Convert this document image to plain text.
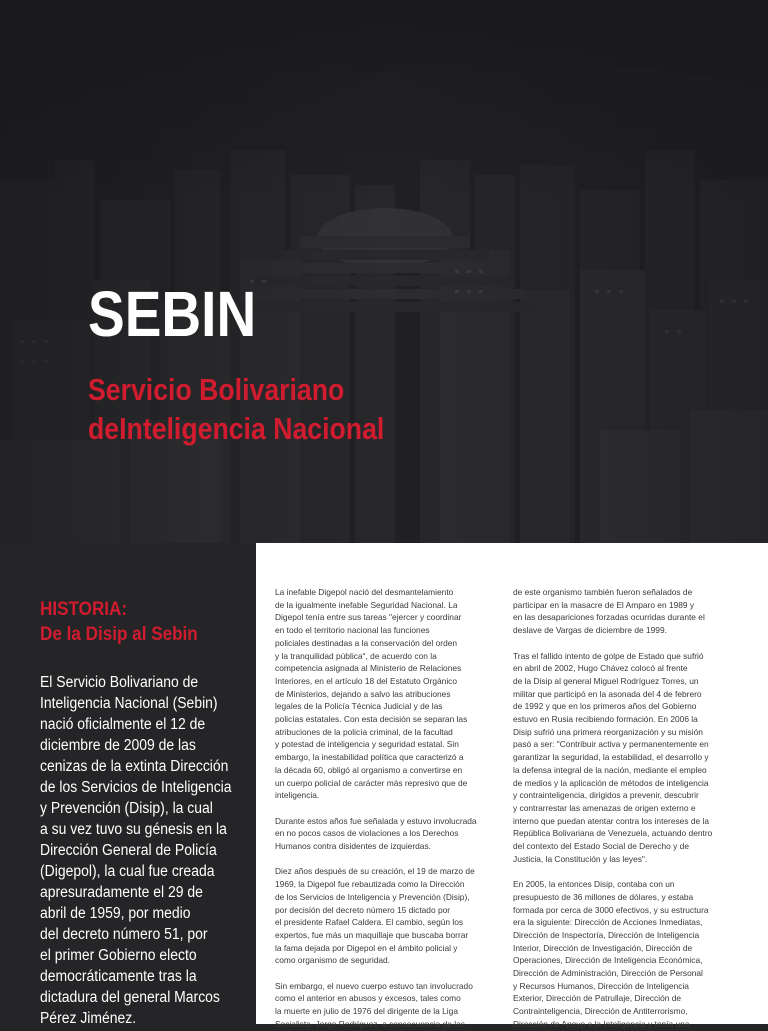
SEBIN
Servicio Bolivariano deInteligencia Nacional
HISTORIA:
De la Disip al Sebin

El Servicio Bolivariano de
Inteligencia Nacional (Sebin)
nació oficialmente el 12 de
diciembre de 2009 de las
cenizas de la extinta Dirección
de los Servicios de Inteligencia
y Prevención (Disip), la cual
a su vez tuvo su génesis en la
Dirección General de Policía
(Digepol), la cual fue creada
apresuradamente el 29 de
abril de 1959, por medio
del decreto número 51, por
el primer Gobierno electo
democráticamente tras la
dictadura del general Marcos
Pérez Jiménez.

La inefable Digepol nació del desmantelamiento
de la igualmente inefable Seguridad Nacional. La
Digepol tenía entre sus tareas "ejercer y coordinar
en todo el territorio nacional las funciones
policiales destinadas a la conservación del orden
y la tranquilidad pública", de acuerdo con la
competencia asignada al Ministerio de Relaciones
Interiores, en el artículo 18 del Estatuto Orgánico
de Ministerios, dejando a salvo las atribuciones
legales de la Policía Técnica Judicial y de las
policías estatales. Con esta decisión se separan las
atribuciones de la policía criminal, de la facultad
y potestad de inteligencia y seguridad estatal. Sin
embargo, la inestabilidad política que caracterizó a
la década 60, obligó al organismo a convertirse en
un cuerpo policial de carácter más represivo que de
inteligencia.
Durante estos años fue señalada y estuvo involucrada
en no pocos casos de violaciones a los Derechos
Humanos contra disidentes de izquierdas.
Diez años después de su creación, el 19 de marzo de
1969, la Digepol fue rebautizada como la Dirección
de los Servicios de Inteligencia y Prevención (Disip),
por decisión del decreto número 15 dictado por
el presidente Rafael Caldera. El cambio, según los
expertos, fue más un maquillaje que buscaba borrar
la fama dejada por Digepol en el ámbito policial y
como organismo de seguridad.
Sin embargo, el nuevo cuerpo estuvo tan involucrado
como el anterior en abusos y excesos, tales como
la muerte en julio de 1976 del dirigente de la Liga
Socialista, Jorge Rodríguez, a consecuencia de las
de este organismo también fueron señalados de
participar en la masacre de El Amparo en 1989 y
en las desapariciones forzadas ocurridas durante el
deslave de Vargas de diciembre de 1999.
Tras el fallido intento de golpe de Estado que sufrió
en abril de 2002, Hugo Chávez colocó al frente
de la Disip al general Miguel Rodríguez Torres, un
militar que participó en la asonada del 4 de febrero
de 1992 y que en los primeros años del Gobierno
estuvo en Rusia recibiendo formación. En 2006 la
Disip sufrió una primera reorganización y su misión
pasó a ser: "Contribuir activa y permanentemente en
garantizar la seguridad, la estabilidad, el desarrollo y
la defensa integral de la nación, mediante el empleo
de medios y la aplicación de métodos de inteligencia
y contrainteligencia, dirigidos a prevenir, descubrir
y contrarrestar las amenazas de origen externo e
interno que puedan atentar contra los intereses de la
República Bolivariana de Venezuela, actuando dentro
del contexto del Estado Social de Derecho y de
Justicia, la Constitución y las leyes".
En 2005, la entonces Disip, contaba con un
presupuesto de 36 millones de dólares, y estaba
formada por cerca de 3000 efectivos, y su estructura
era la siguiente: Dirección de Acciones Inmediatas,
Dirección de Inspectoría, Dirección de Inteligencia
Interior, Dirección de Investigación, Dirección de
Operaciones, Dirección de Inteligencia Económica,
Dirección de Administración, Dirección de Personal
y Recursos Humanos, Dirección de Inteligencia
Exterior, Dirección de Patrullaje, Dirección de
Contrainteligencia, Dirección de Antiterrorismo,
Dirección de Apoyo a la Inteligencia y tenía una
